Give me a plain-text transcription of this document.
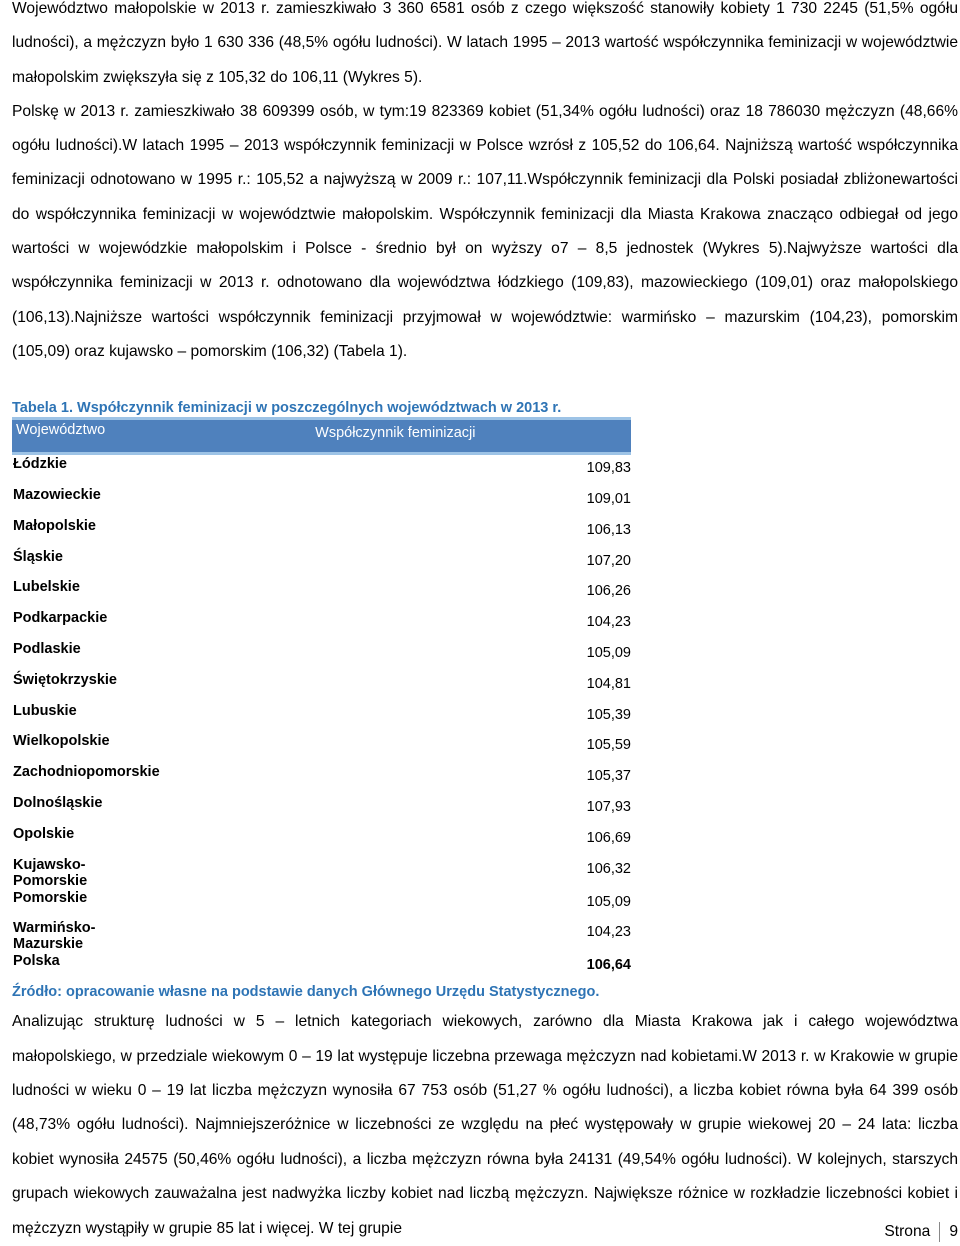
Województwo małopolskie w 2013 r. zamieszkiwało 3 360 6581 osób z czego większość stanowiły kobiety 1 730 2245 (51,5% ogółu ludności), a mężczyzn było 1 630 336 (48,5% ogółu ludności). W latach 1995 – 2013 wartość współczynnika feminizacji w województwie małopolskim zwiększyła się z 105,32 do 106,11 (Wykres 5).

Polskę w 2013 r. zamieszkiwało 38 609399 osób, w tym:19 823369 kobiet (51,34% ogółu ludności) oraz 18 786030 mężczyzn (48,66% ogółu ludności).W latach 1995 – 2013 współczynnik feminizacji w Polsce wzrósł z 105,52 do 106,64. Najniższą wartość współczynnika feminizacji odnotowano w 1995 r.: 105,52 a najwyższą w 2009 r.: 107,11.Współczynnik feminizacji dla Polski posiadał zbliżonewartości do współczynnika feminizacji w województwie małopolskim. Współczynnik feminizacji dla Miasta Krakowa znacząco odbiegał od jego wartości w wojewódzkie małopolskim i Polsce - średnio był on wyższy o7 – 8,5 jednostek (Wykres 5).Najwyższe wartości dla współczynnika feminizacji w 2013 r. odnotowano dla województwa łódzkiego (109,83), mazowieckiego (109,01) oraz małopolskiego (106,13).Najniższe wartości współczynnik feminizacji przyjmował w województwie: warmińsko – mazurskim (104,23), pomorskim (105,09) oraz kujawsko – pomorskim (106,32) (Tabela 1).

Tabela 1. Współczynnik feminizacji w poszczególnych województwach w 2013 r.

Województwo	Współczynnik feminizacji
Łódzkie	109,83
Mazowieckie	109,01
Małopolskie	106,13
Śląskie	107,20
Lubelskie	106,26
Podkarpackie	104,23
Podlaskie	105,09
Świętokrzyskie	104,81
Lubuskie	105,39
Wielkopolskie	105,59
Zachodniopomorskie	105,37
Dolnośląskie	107,93
Opolskie	106,69
Kujawsko-Pomorskie	106,32
Pomorskie	105,09
Warmińsko-Mazurskie	104,23
Polska	106,64

Źródło: opracowanie własne na podstawie danych Głównego Urzędu Statystycznego.

Analizując strukturę ludności w 5 – letnich kategoriach wiekowych, zarówno dla Miasta Krakowa jak i całego województwa małopolskiego, w przedziale wiekowym 0 – 19 lat występuje liczebna przewaga mężczyzn nad kobietami.W 2013 r. w Krakowie w grupie ludności w wieku 0 – 19 lat liczba mężczyzn wynosiła 67 753 osób (51,27 % ogółu ludności), a liczba kobiet równa była 64 399 osób (48,73% ogółu ludności). Najmniejszeróżnice w liczebności ze względu na płeć występowały w grupie wiekowej 20 – 24 lata: liczba kobiet wynosiła 24575 (50,46% ogółu ludności), a liczba mężczyzn równa była 24131 (49,54% ogółu ludności). W kolejnych, starszych grupach wiekowych zauważalna jest nadwyżka liczby kobiet nad liczbą mężczyzn. Największe różnice w rozkładzie liczebności kobiet i mężczyzn wystąpiły w grupie 85 lat i więcej. W tej grupie	Strona 9
